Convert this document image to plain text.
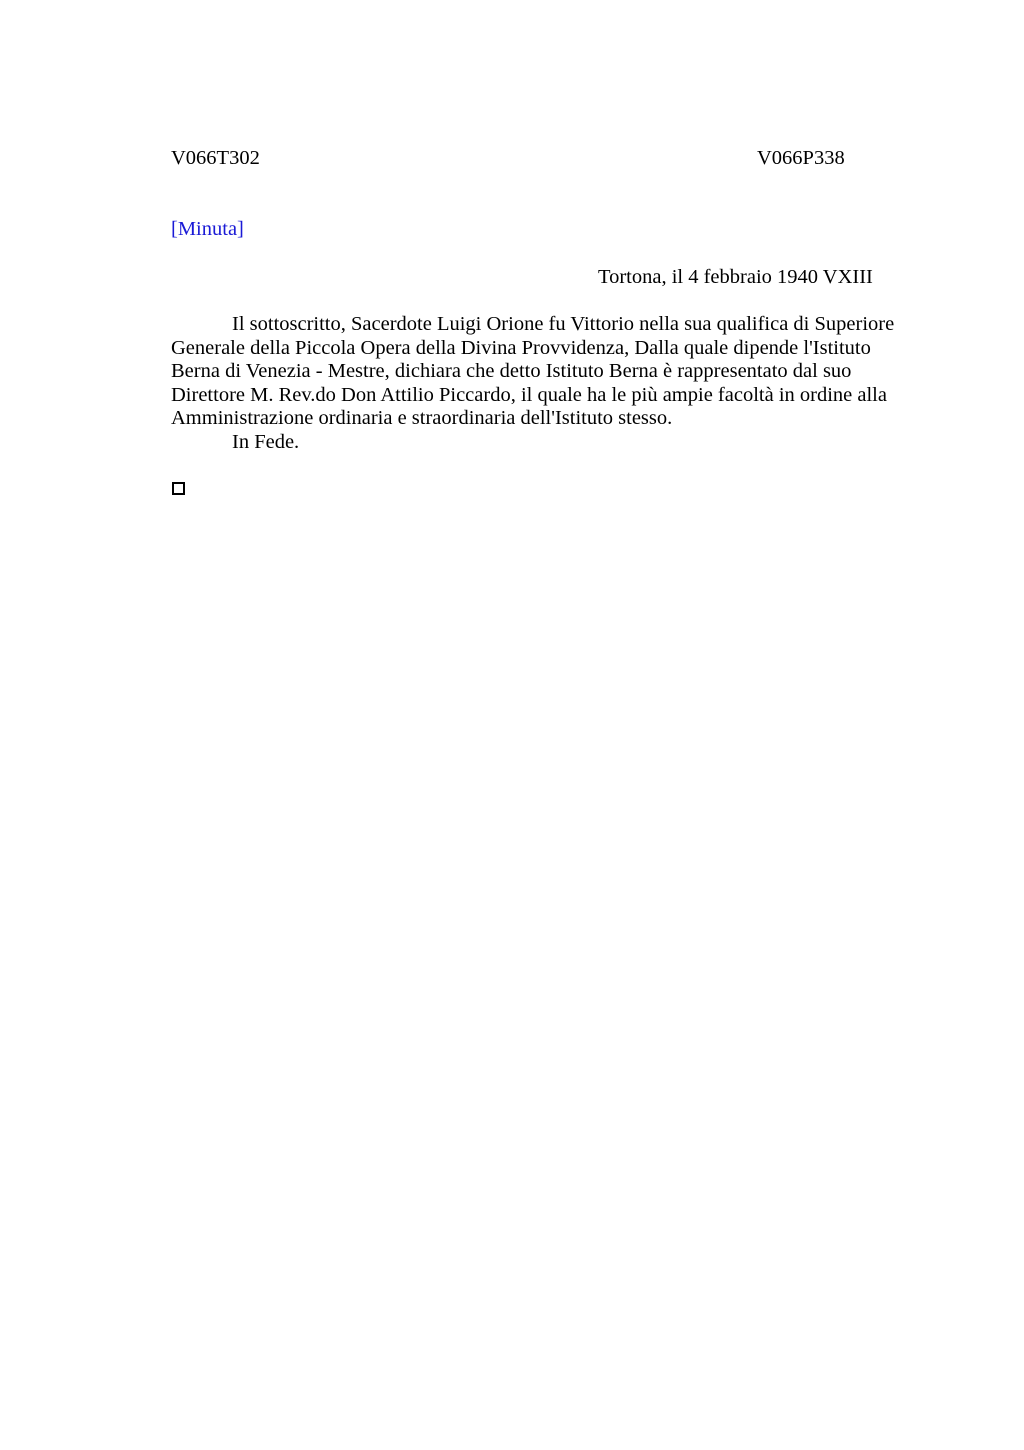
V066T302	V066P338
[Minuta]
Tortona, il 4 febbraio 1940 VXIII

Il sottoscritto, Sacerdote Luigi Orione fu Vittorio nella sua qualifica di Superiore Generale della Piccola Opera della Divina Provvidenza, Dalla quale dipende l'Istituto Berna di Venezia - Mestre, dichiara che detto Istituto Berna è rappresentato dal suo Direttore M. Rev.do Don Attilio Piccardo, il quale ha le più ampie facoltà in ordine alla Amministrazione ordinaria e straordinaria dell'Istituto stesso.

In Fede.
